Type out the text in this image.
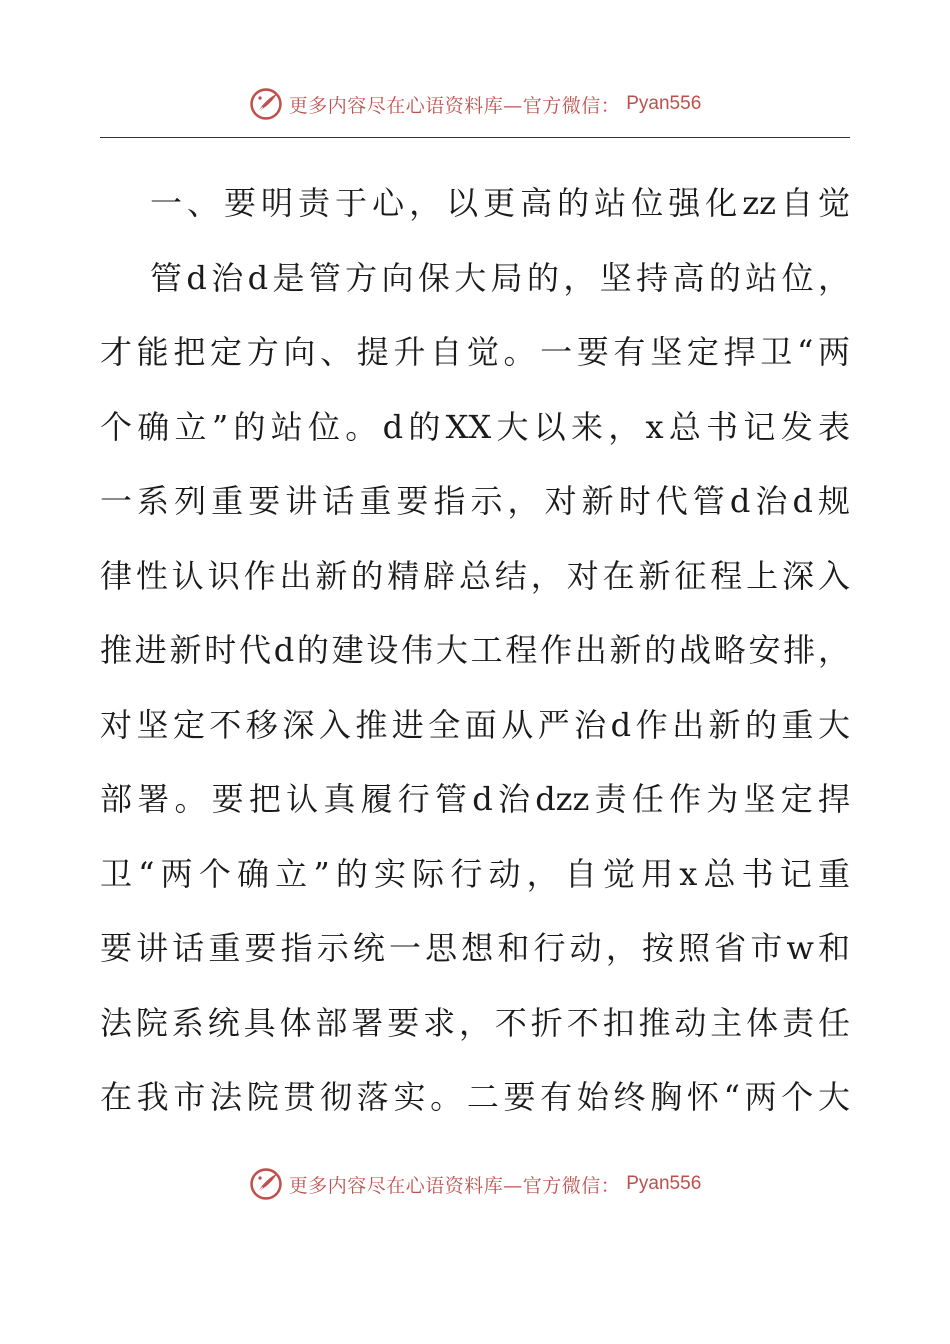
更多内容尽在心语资料库—官方微信： Pyan556
一、要明责于心，以更高的站位强化zz自觉
管d治d是管方向保大局的，坚持高的站位，
才能把定方向、提升自觉。一要有坚定捍卫“两
个确立”的站位。d的XX大以来，x总书记发表
一系列重要讲话重要指示，对新时代管d治d规
律性认识作出新的精辟总结，对在新征程上深入
推进新时代d的建设伟大工程作出新的战略安排，
对坚定不移深入推进全面从严治d作出新的重大
部署。要把认真履行管d治dzz责任作为坚定捍
卫“两个确立”的实际行动，自觉用x总书记重
要讲话重要指示统一思想和行动，按照省市w和
法院系统具体部署要求，不折不扣推动主体责任
在我市法院贯彻落实。二要有始终胸怀“两个大
更多内容尽在心语资料库—官方微信： Pyan556
